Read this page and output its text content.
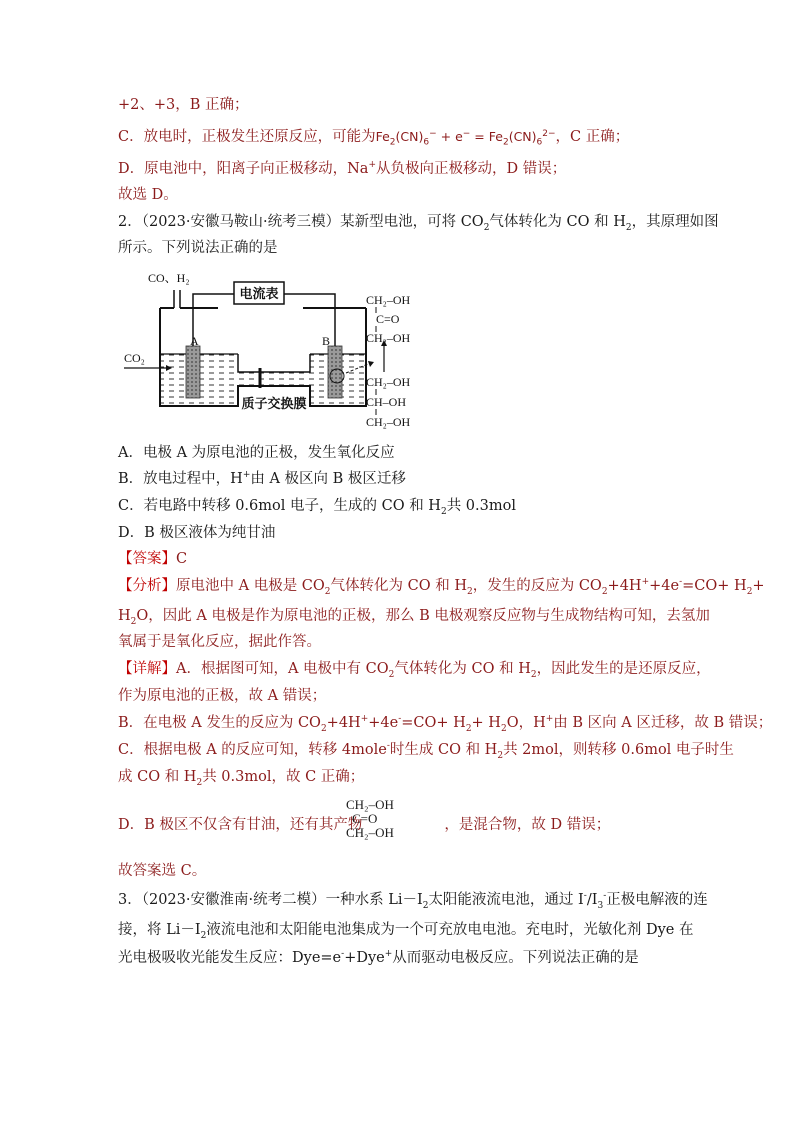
+2、+3，B 正确；
C．放电时，正极发生还原反应，可能为$Fe_2(CN)_6^- + e^- = Fe_2(CN)_6^{2-}$，C 正确；
D．原电池中，阳离子向正极移动，Na+从负极向正极移动，D 错误；
故选 D。
2．（2023·安徽马鞍山·统考三模）某新型电池，可将 $CO_2$气体转化为 CO 和 $H_2$，其原理如图
所示。下列说法正确的是
电流表
质子交换膜
A	B
CO、H₂
CO₂
CH₂–OH
C=O
CH₂–OH
CH₂–OH
CH–OH
CH₂–OH
A．电极 A 为原电池的正极，发生氧化反应
B．放电过程中，H+由 A 极区向 B 极区迁移
C．若电路中转移 0.6mol 电子，生成的 CO 和 $H_2$共 0.3mol
D．B 极区液体为纯甘油
【答案】C
【分析】原电池中 A 电极是 $CO_2$气体转化为 CO 和 $H_2$，发生的反应为 $CO_2+4H^++4e^-=CO+ H_2+$
$H_2O$，因此 A 电极是作为原电池的正极，那么 B 电极观察反应物与生成物结构可知，去氢加
氧属于是氧化反应，据此作答。
【详解】A．根据图可知，A 电极中有 $CO_2$气体转化为 CO 和 $H_2$，因此发生的是还原反应，
作为原电池的正极，故 A 错误；
B．在电极 A 发生的反应为 $CO_2+4H^++4e^-=CO+ H_2+ H_2O$，H+由 B 区向 A 区迁移，故 B 错误；
C．根据电极 A 的反应可知，转移 4mole-时生成 CO 和 $H_2$共 2mol，则转移 0.6mol 电子时生
成 CO 和 $H_2$共 0.3mol，故 C 正确；
D．B 极区不仅含有甘油，还有其产物	，是混合物，故 D 错误；
CH₂–OH
C=O
CH₂–OH
故答案选 C。
3．（2023·安徽淮南·统考二模）一种水系 $Li-I_2$太阳能液流电池，通过 $I^-/I_3^-$正极电解液的连
接，将 $Li-I_2$液流电池和太阳能电池集成为一个可充放电电池。充电时，光敏化剂 Dye 在
光电极吸收光能发生反应：Dye=e-+Dye+从而驱动电极反应。下列说法正确的是
